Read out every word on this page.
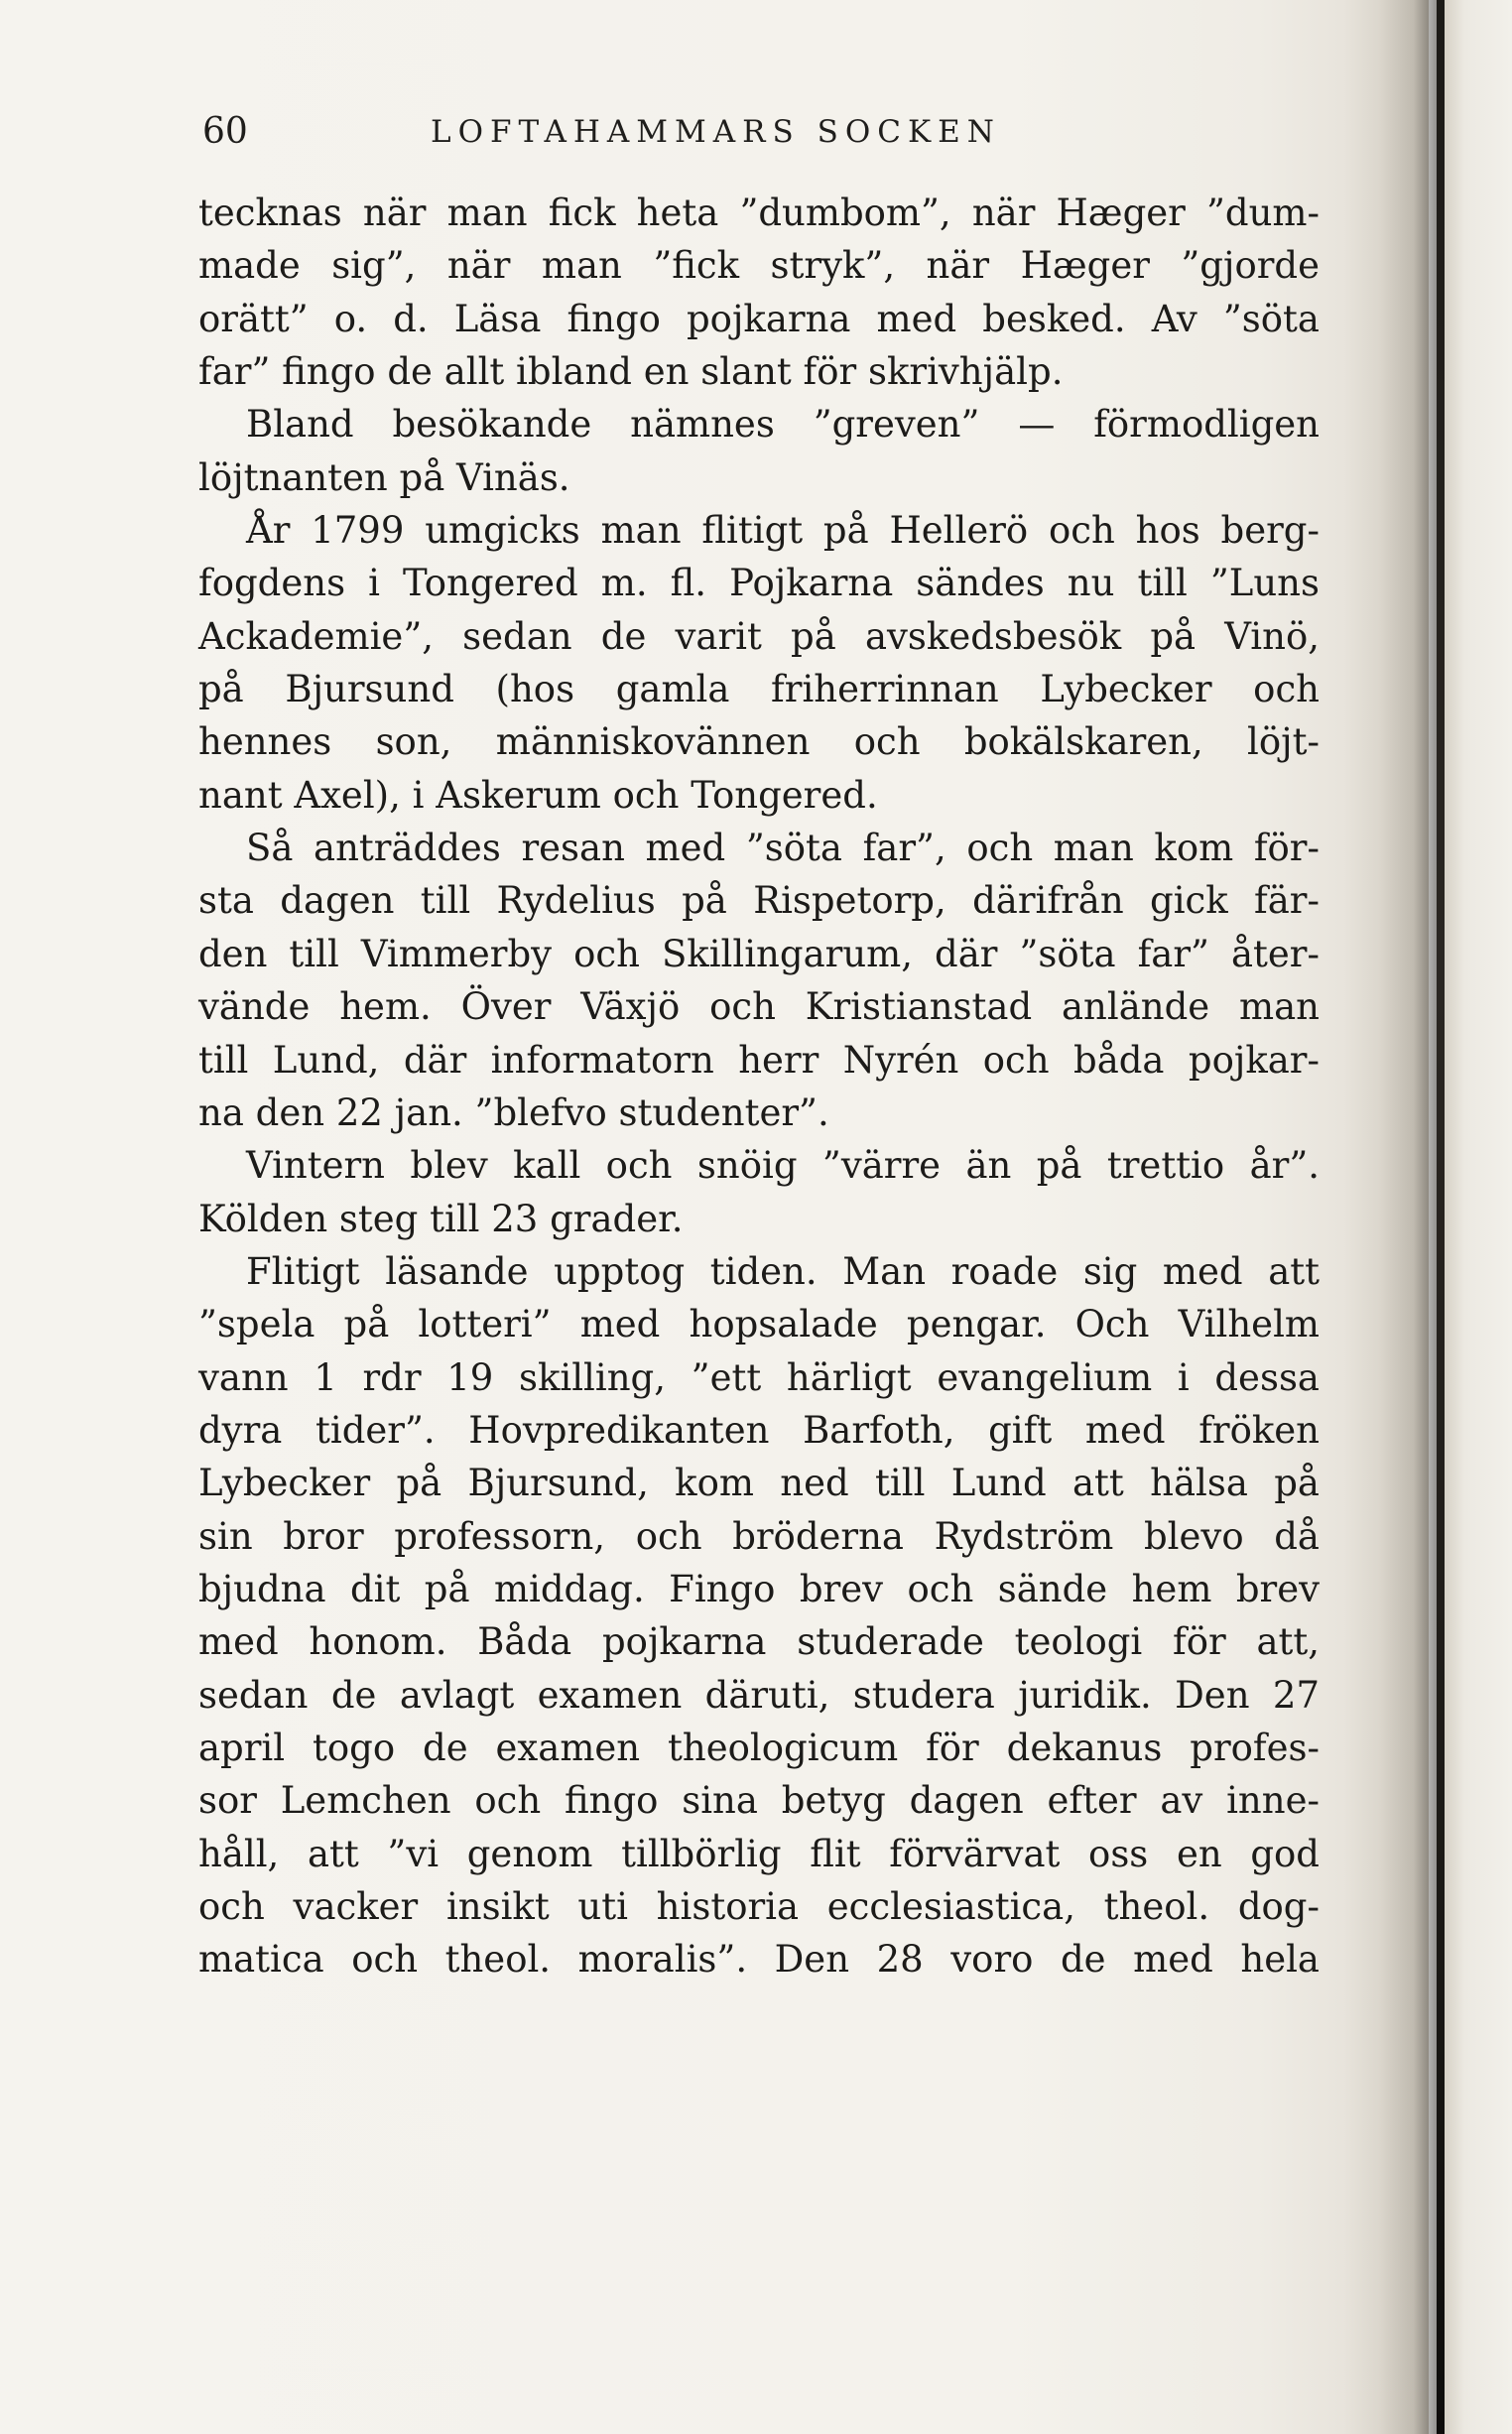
60	LOFTAHAMMARS SOCKEN
tecknas när man fick heta ”dumbom”, när Hæger ”dum-
made sig”, när man ”fick stryk”, när Hæger ”gjorde
orätt” o. d. Läsa fingo pojkarna med besked. Av ”söta
far” fingo de allt ibland en slant för skrivhjälp.
Bland besökande nämnes ”greven” — förmodligen
löjtnanten på Vinäs.
År 1799 umgicks man flitigt på Hellerö och hos berg-
fogdens i Tongered m. fl. Pojkarna sändes nu till ”Luns
Ackademie”, sedan de varit på avskedsbesök på Vinö,
på Bjursund (hos gamla friherrinnan Lybecker och
hennes son, människovännen och bokälskaren, löjt-
nant Axel), i Askerum och Tongered.
Så anträddes resan med ”söta far”, och man kom för-
sta dagen till Rydelius på Rispetorp, därifrån gick fär-
den till Vimmerby och Skillingarum, där ”söta far” åter-
vände hem. Över Växjö och Kristianstad anlände man
till Lund, där informatorn herr Nyrén och båda pojkar-
na den 22 jan. ”blefvo studenter”.
Vintern blev kall och snöig ”värre än på trettio år”.
Kölden steg till 23 grader.
Flitigt läsande upptog tiden. Man roade sig med att
”spela på lotteri” med hopsalade pengar. Och Vilhelm
vann 1 rdr 19 skilling, ”ett härligt evangelium i dessa
dyra tider”. Hovpredikanten Barfoth, gift med fröken
Lybecker på Bjursund, kom ned till Lund att hälsa på
sin bror professorn, och bröderna Rydström blevo då
bjudna dit på middag. Fingo brev och sände hem brev
med honom. Båda pojkarna studerade teologi för att,
sedan de avlagt examen däruti, studera juridik. Den 27
april togo de examen theologicum för dekanus profes-
sor Lemchen och fingo sina betyg dagen efter av inne-
håll, att ”vi genom tillbörlig flit förvärvat oss en god
och vacker insikt uti historia ecclesiastica, theol. dog-
matica och theol. moralis”. Den 28 voro de med hela
